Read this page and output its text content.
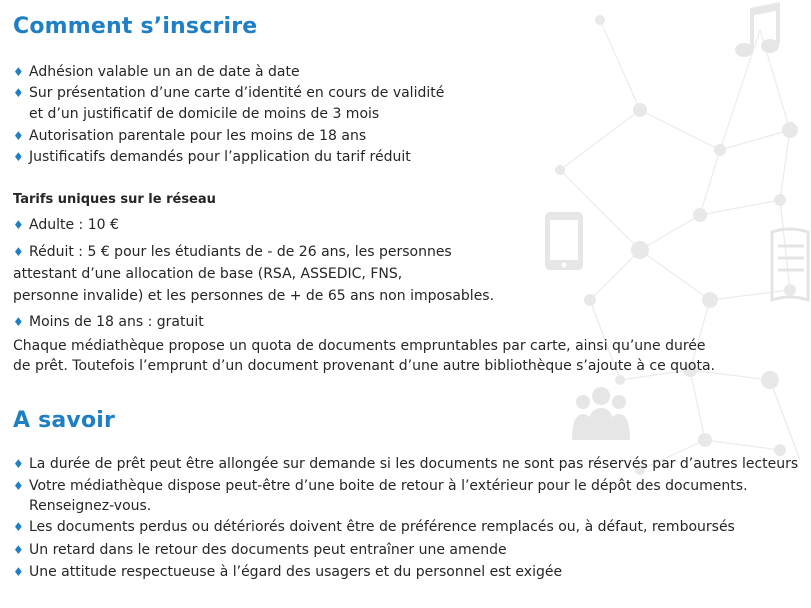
Comment s’inscrire
♦ Adhésion valable un an de date à date
♦ Sur présentation d’une carte d’identité en cours de validité
et d’un justificatif de domicile de moins de 3 mois
♦ Autorisation parentale pour les moins de 18 ans
♦ Justificatifs demandés pour l’application du tarif réduit
Tarifs uniques sur le réseau
♦ Adulte : 10 €
♦ Réduit : 5 € pour les étudiants de - de 26 ans, les personnes
attestant d’une allocation de base (RSA, ASSEDIC, FNS,
personne invalide) et les personnes de + de 65 ans non imposables.
♦ Moins de 18 ans : gratuit
Chaque médiathèque propose un quota de documents empruntables par carte, ainsi qu’une durée
de prêt. Toutefois l’emprunt d’un document provenant d’une autre bibliothèque s’ajoute à ce quota.
A savoir
♦ La durée de prêt peut être allongée sur demande si les documents ne sont pas réservés par d’autres lecteurs
♦ Votre médiathèque dispose peut-être d’une boite de retour à l’extérieur pour le dépôt des documents.
Renseignez-vous.
♦ Les documents perdus ou détériorés doivent être de préférence remplacés ou, à défaut, remboursés
♦ Un retard dans le retour des documents peut entraîner une amende
♦ Une attitude respectueuse à l’égard des usagers et du personnel est exigée
